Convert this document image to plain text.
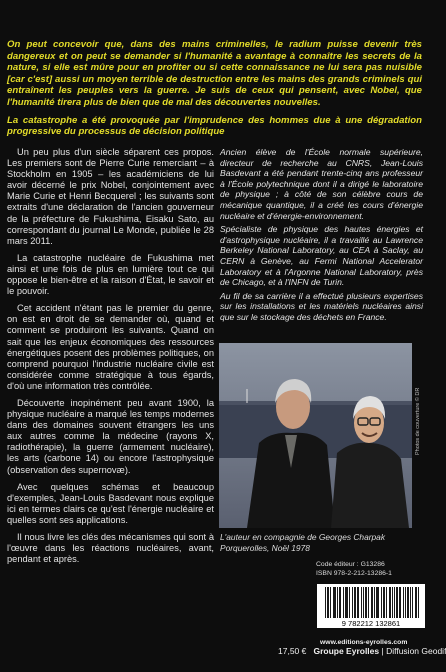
On peut concevoir que, dans des mains criminelles, le radium puisse devenir très dangereux et on peut se demander si l'humanité a avantage à connaître les secrets de la nature, si elle est mûre pour en profiter ou si cette connaissance ne lui sera pas nuisible [car c'est] aussi un moyen terrible de destruction entre les mains des grands criminels qui entraînent les peuples vers la guerre. Je suis de ceux qui pensent, avec Nobel, que l'humanité tirera plus de bien que de mal des découvertes nouvelles.

La catastrophe a été provoquée par l'imprudence des hommes due à une dégradation progressive du processus de décision politique

Un peu plus d'un siècle séparent ces propos. Les premiers sont de Pierre Curie remerciant – à Stockholm en 1905 – les académiciens de lui avoir décerné le prix Nobel, conjointement avec Marie Curie et Henri Becquerel ; les suivants sont extraits d'une déclaration de l'ancien gouverneur de la préfecture de Fukushima, Eisaku Sato, au correspondant du journal Le Monde, publiée le 28 mars 2011.

La catastrophe nucléaire de Fukushima met ainsi et une fois de plus en lumière tout ce qui oppose le bien-être et la raison d'État, le savoir et le pouvoir.

Cet accident n'étant pas le premier du genre, on est en droit de se demander où, quand et comment se produiront les suivants. Quand on sait que les enjeux économiques des ressources énergétiques posent des problèmes politiques, on comprend pourquoi l'industrie nucléaire civile est considérée comme stratégique à tous égards, d'où une information très contrôlée.

Découverte inopinément peu avant 1900, la physique nucléaire a marqué les temps modernes dans des domaines souvent étrangers les uns aux autres comme la médecine (rayons X, radiothérapie), la guerre (armement nucléaire), les arts (carbone 14) ou encore l'astrophysique (observation des supernovæ).

Avec quelques schémas et beaucoup d'exemples, Jean-Louis Basdevant nous explique ici en termes clairs ce qu'est l'énergie nucléaire et quelles sont ses applications.

Il nous livre les clés des mécanismes qui sont à l'œuvre dans les réactions nucléaires, avant, pendant et après.

Ancien élève de l'École normale supérieure, directeur de recherche au CNRS, Jean-Louis Basdevant a été pendant trente-cinq ans professeur à l'École polytechnique dont il a dirigé le laboratoire de physique ; à côté de son célèbre cours de mécanique quantique, il a créé les cours d'énergie nucléaire et d'énergie-environnement.

Spécialiste de physique des hautes énergies et d'astrophysique nucléaire, il a travaillé au Lawrence Berkeley National Laboratory, au CEA à Saclay, au CERN à Genève, au Fermi National Accelerator Laboratory et à l'Argonne National Laboratory, près de Chicago, et à l'INFN de Turin.

Au fil de sa carrière il a effectué plusieurs expertises sur les installations et les matériels nucléaires ainsi que sur le stockage des déchets en France.

Photos de couverture © DR
L'auteur en compagnie de Georges Charpak
Porquerolles, Noël 1978
Code éditeur : G13286
ISBN 978-2-212-13286-1
9 782212 132861
www.editions-eyrolles.com
17,50 € Groupe Eyrolles | Diffusion Geodif
